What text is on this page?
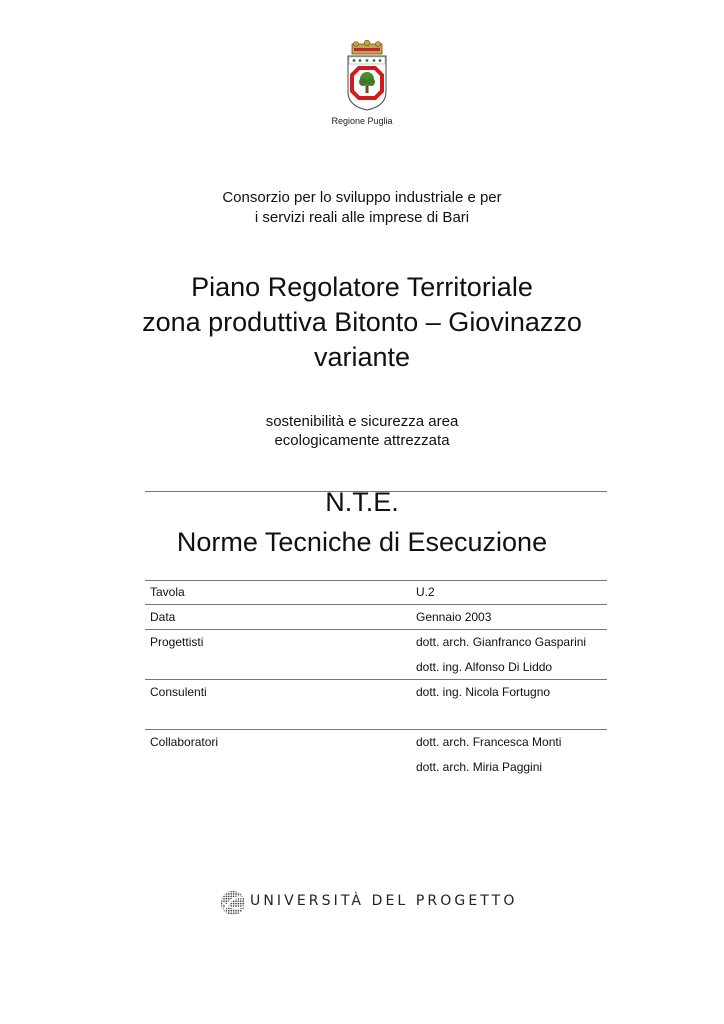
Regione Puglia
Consorzio per lo sviluppo industriale e per
i servizi reali alle imprese di Bari
Piano Regolatore Territoriale
zona produttiva Bitonto – Giovinazzo
variante
sostenibilità e sicurezza area
ecologicamente attrezzata
N.T.E.
Norme Tecniche di Esecuzione
Tavola	U.2
Data	Gennaio 2003
Progettisti	dott. arch. Gianfranco Gasparini
dott. ing. Alfonso Di Liddo
Consulenti	dott. ing. Nicola Fortugno
Collaboratori	dott. arch. Francesca Monti
dott. arch. Miria Paggini
UNIVERSITÀ DEL PROGETTO
